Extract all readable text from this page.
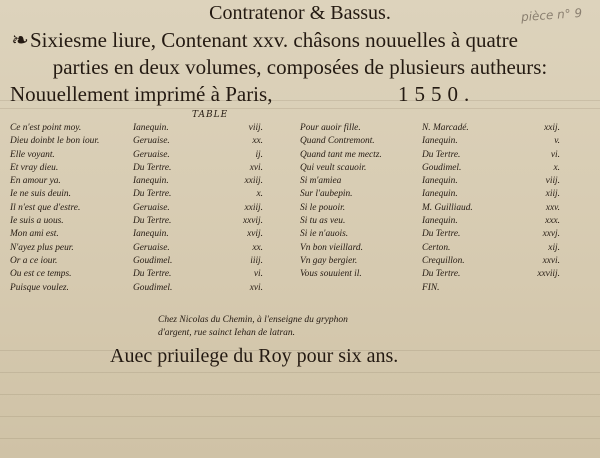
pièce n° 9
Contratenor & Bassus.
❧Sixiesme liure, Contenant xxv. châsons nouuelles à quatre
parties en deux volumes, composées de plusieurs autheurs:
Nouuellement imprimé à Paris,	1550.
TABLE
Ce n'est point moy.
Dieu doinbt le bon iour.
Elle voyant.
Et vray dieu.
En amour ya.
Ie ne suis deuin.
Il n'est que d'estre.
Ie suis a uous.
Mon ami est.
N'ayez plus peur.
Or a ce iour.
Ou est ce temps.
Puisque voulez.
Ianequin.
Geruaise.
Geruaise.
Du Tertre.
Ianequin.
Du Tertre.
Geruaise.
Du Tertre.
Ianequin.
Geruaise.
Goudimel.
Du Tertre.
Goudimel.
viij.
xx.
ij.
xvi.
xxiij.
x.
xxiij.
xxvij.
xvij.
xx.
iiij.
vi.
xvi.
Pour auoir fille.
Quand Contremont.
Quand tant me mectz.
Qui veult scauoir.
Si m'amiea
Sur l'aubepin.
Si le pouoir.
Si tu as veu.
Si ie n'auois.
Vn bon vieillard.
Vn gay bergier.
Vous souuient il.
N. Marcadé.
Ianequin.
Du Tertre.
Goudimel.
Ianequin.
Ianequin.
M. Guilliaud.
Ianequin.
Du Tertre.
Certon.
Crequillon.
Du Tertre.
FIN.
xxij.
v.
vi.
x.
viij.
xiij.
xxv.
xxx.
xxvj.
xij.
xxvi.
xxviij.
Chez Nicolas du Chemin, à l'enseigne du gryphon
d'argent, rue sainct Iehan de latran.
Auec priuilege du Roy pour six ans.
